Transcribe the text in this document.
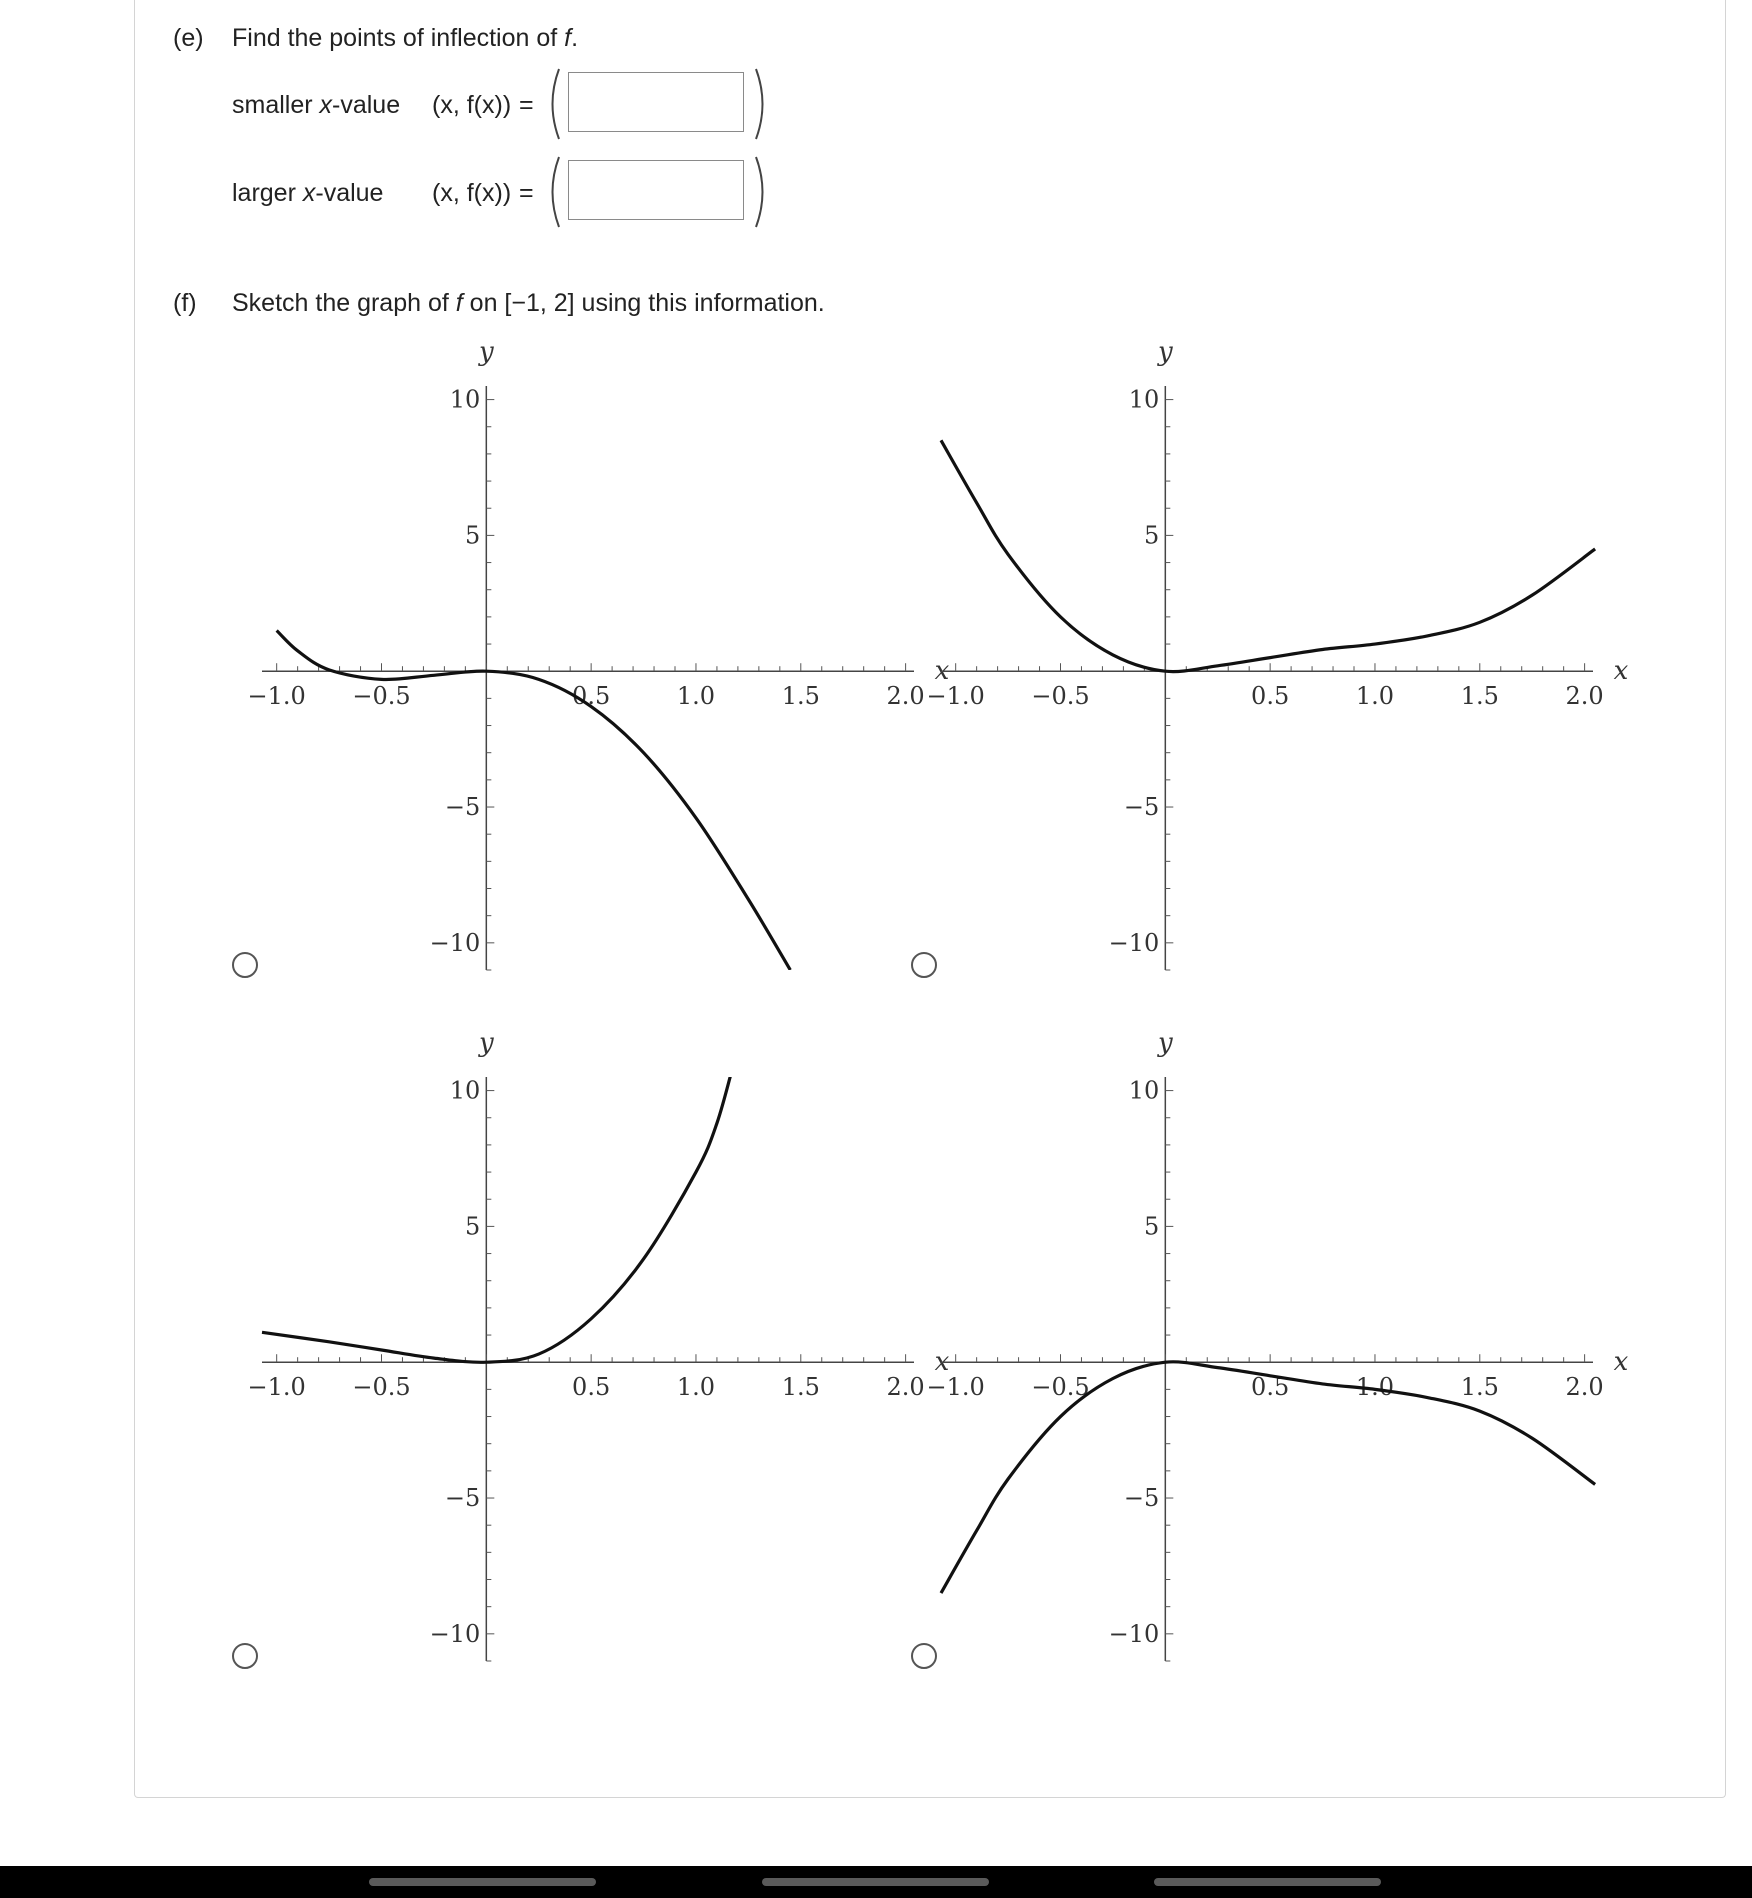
(e) Find the points of inflection of f.
smaller x-value (x, f(x)) =
larger x-value (x, f(x)) =
(f) Sketch the graph of f on [−1, 2] using this information.
−1.0 −0.5	0.5	1.0	1.5	2.0
10
5
−5
−10
x
y
−1.0 −0.5	0.5	1.0	1.5	2.0
10
5
−5
−10
x
y
−1.0 −0.5	0.5	1.0	1.5	2.0
10
5
−5
−10
x
y
−1.0 −0.5	0.5	1.0	1.5	2.0
10
5
−5
−10
x
y
